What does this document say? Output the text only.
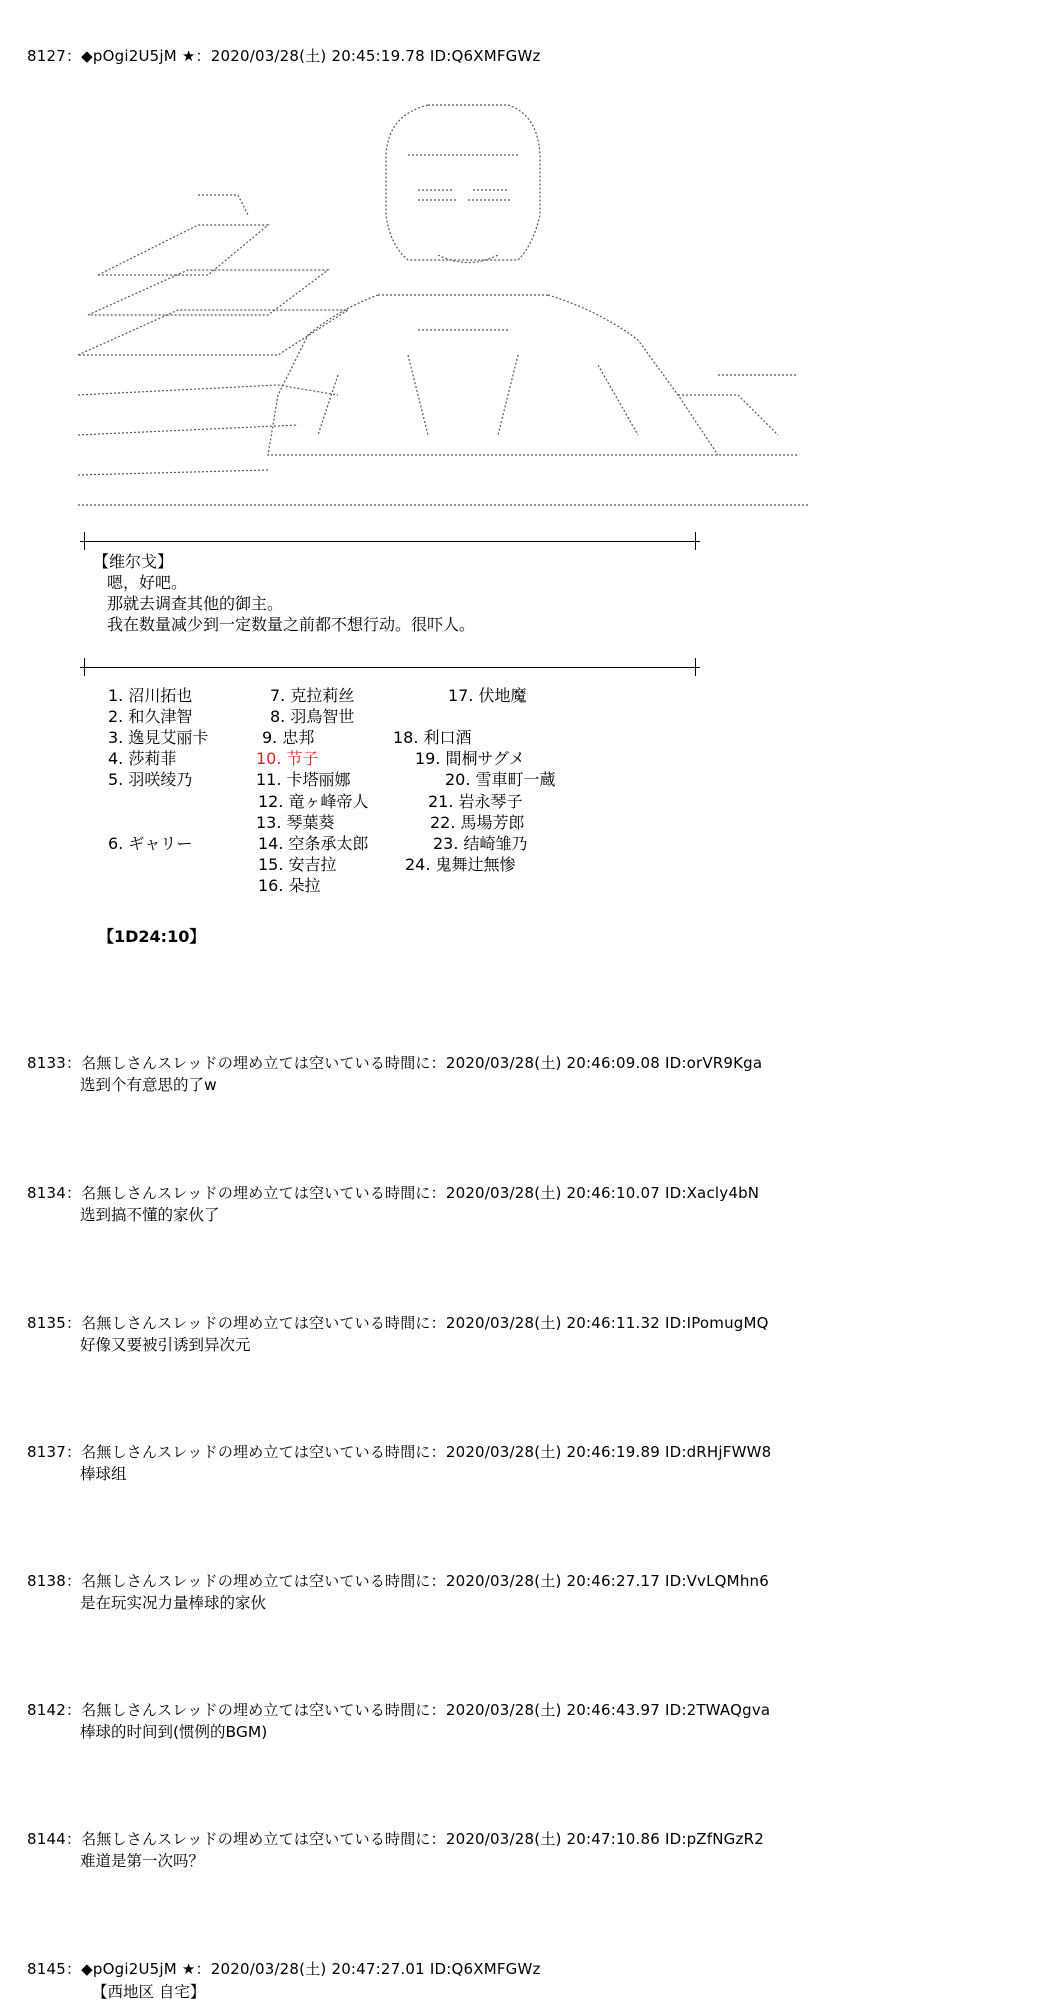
8127：◆pOgi2U5jM ★：2020/03/28(土) 20:45:19.78 ID:Q6XMFGWz
【维尔戈】
嗯，好吧。
那就去调查其他的御主。
我在数量减少到一定数量之前都不想行动。很吓人。
1. 沼川拓也
2. 和久津智
3. 逸見艾丽卡
4. 莎莉菲
5. 羽咲绫乃
6. ギャリー
7. 克拉莉丝
8. 羽鳥智世
9. 忠邦
10. 节子
11. 卡塔丽娜
12. 竜ヶ峰帝人
13. 琴葉葵
14. 空条承太郎
15. 安吉拉
16. 朵拉
17. 伏地魔
18. 利口酒
19. 間桐サグメ
20. 雪車町一蔵
21. 岩永琴子
22. 馬場芳郎
23. 结崎雏乃
24. 鬼舞辻無惨
【1D24:10】
8133：名無しさんスレッドの埋め立ては空いている時間に：2020/03/28(土) 20:46:09.08 ID:orVR9Kga
选到个有意思的了w
8134：名無しさんスレッドの埋め立ては空いている時間に：2020/03/28(土) 20:46:10.07 ID:Xacly4bN
选到搞不懂的家伙了
8135：名無しさんスレッドの埋め立ては空いている時間に：2020/03/28(土) 20:46:11.32 ID:IPomugMQ
好像又要被引诱到异次元
8137：名無しさんスレッドの埋め立ては空いている時間に：2020/03/28(土) 20:46:19.89 ID:dRHjFWW8
棒球组
8138：名無しさんスレッドの埋め立ては空いている時間に：2020/03/28(土) 20:46:27.17 ID:VvLQMhn6
是在玩实况力量棒球的家伙
8142：名無しさんスレッドの埋め立ては空いている時間に：2020/03/28(土) 20:46:43.97 ID:2TWAQgva
棒球的时间到(惯例的BGM)
8144：名無しさんスレッドの埋め立ては空いている時間に：2020/03/28(土) 20:47:10.86 ID:pZfNGzR2
难道是第一次吗？
8145：◆pOgi2U5jM ★：2020/03/28(土) 20:47:27.01 ID:Q6XMFGWz
【西地区 自宅】
